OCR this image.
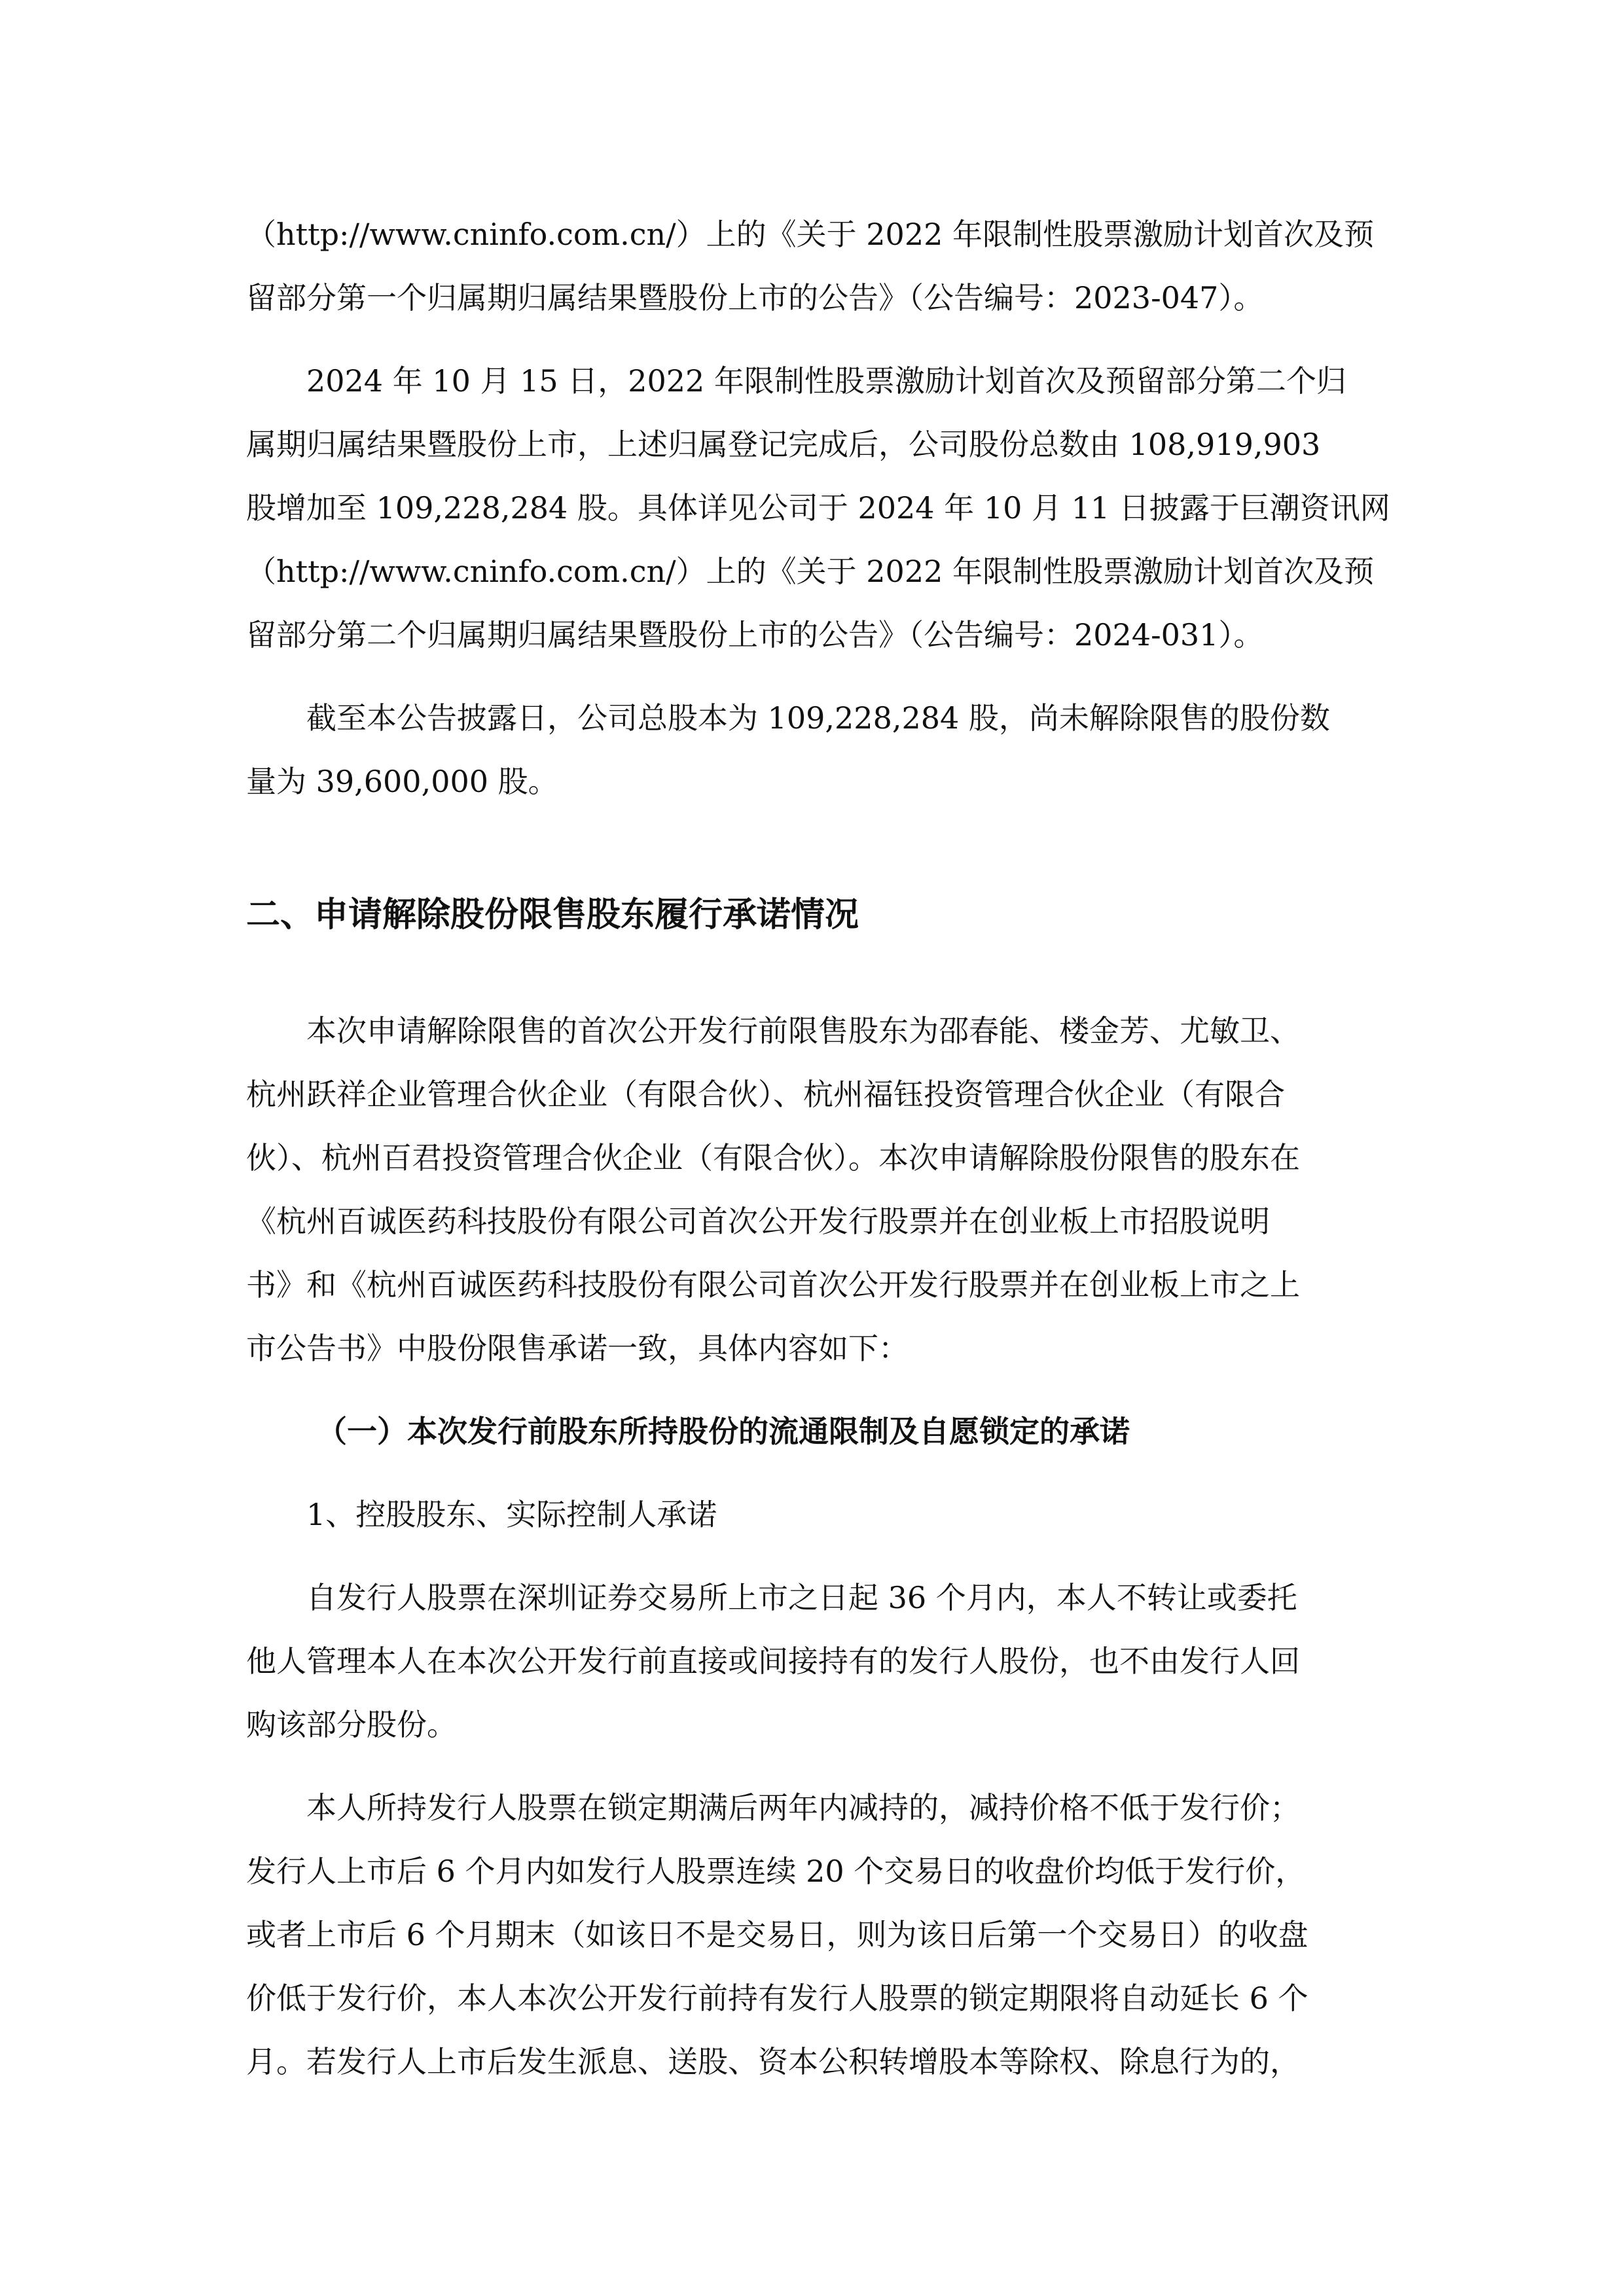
（http://www.cninfo.com.cn/）上的《关于 2022 年限制性股票激励计划首次及预
留部分第一个归属期归属结果暨股份上市的公告》（公告编号：2023-047）。

2024 年 10 月 15 日，2022 年限制性股票激励计划首次及预留部分第二个归
属期归属结果暨股份上市，上述归属登记完成后，公司股份总数由 108,919,903
股增加至 109,228,284 股。具体详见公司于 2024 年 10 月 11 日披露于巨潮资讯网
（http://www.cninfo.com.cn/）上的《关于 2022 年限制性股票激励计划首次及预
留部分第二个归属期归属结果暨股份上市的公告》（公告编号：2024-031）。

截至本公告披露日，公司总股本为 109,228,284 股，尚未解除限售的股份数
量为 39,600,000 股。

二、申请解除股份限售股东履行承诺情况

本次申请解除限售的首次公开发行前限售股东为邵春能、楼金芳、尤敏卫、
杭州跃祥企业管理合伙企业（有限合伙）、杭州福钰投资管理合伙企业（有限合
伙）、杭州百君投资管理合伙企业（有限合伙）。本次申请解除股份限售的股东在
《杭州百诚医药科技股份有限公司首次公开发行股票并在创业板上市招股说明
书》和《杭州百诚医药科技股份有限公司首次公开发行股票并在创业板上市之上
市公告书》中股份限售承诺一致，具体内容如下：

（一）本次发行前股东所持股份的流通限制及自愿锁定的承诺

1、控股股东、实际控制人承诺

自发行人股票在深圳证券交易所上市之日起 36 个月内，本人不转让或委托
他人管理本人在本次公开发行前直接或间接持有的发行人股份，也不由发行人回
购该部分股份。

本人所持发行人股票在锁定期满后两年内减持的，减持价格不低于发行价；
发行人上市后 6 个月内如发行人股票连续 20 个交易日的收盘价均低于发行价，
或者上市后 6 个月期末（如该日不是交易日，则为该日后第一个交易日）的收盘
价低于发行价，本人本次公开发行前持有发行人股票的锁定期限将自动延长 6 个
月。若发行人上市后发生派息、送股、资本公积转增股本等除权、除息行为的，
